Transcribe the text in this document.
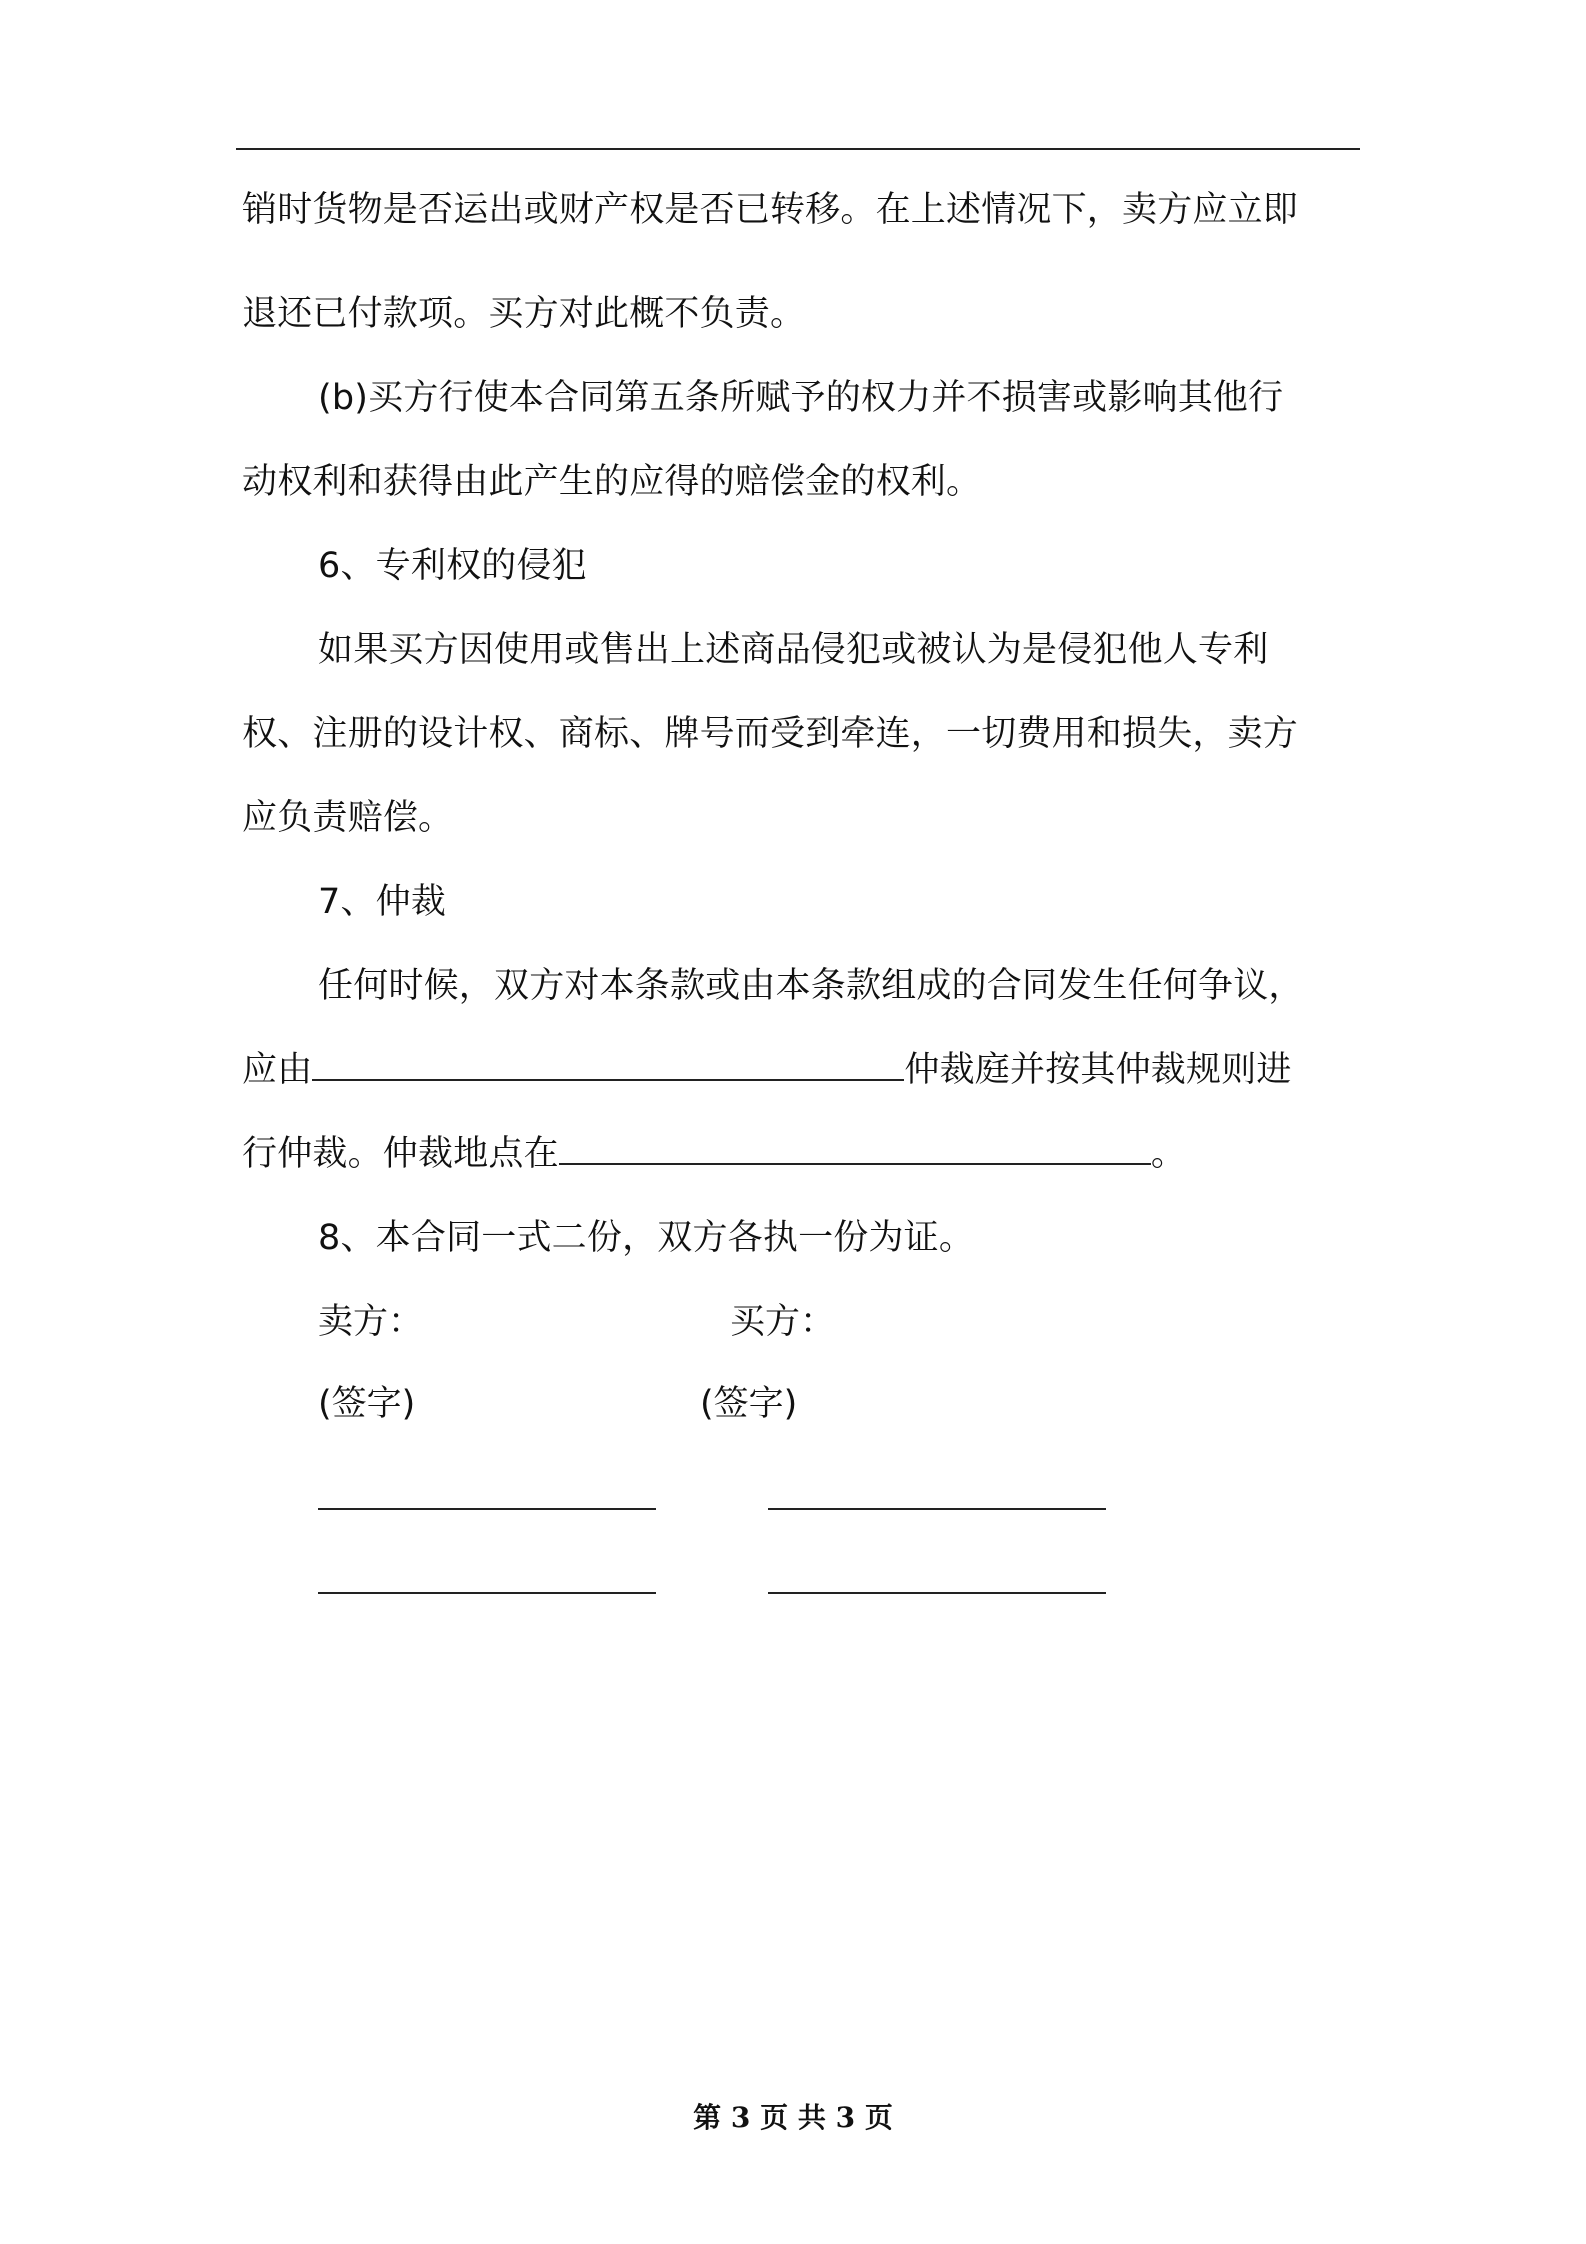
销时货物是否运出或财产权是否已转移。在上述情况下，卖方应立即
退还已付款项。买方对此概不负责。
(b)买方行使本合同第五条所赋予的权力并不损害或影响其他行
动权利和获得由此产生的应得的赔偿金的权利。
6、专利权的侵犯
如果买方因使用或售出上述商品侵犯或被认为是侵犯他人专利
权、注册的设计权、商标、牌号而受到牵连，一切费用和损失，卖方
应负责赔偿。
7、仲裁
任何时候，双方对本条款或由本条款组成的合同发生任何争议，
应由	仲裁庭并按其仲裁规则进
行仲裁。仲裁地点在	。
8、本合同一式二份，双方各执一份为证。
卖方：	买方：
(签字)	(签字)
第 3 页 共 3 页
